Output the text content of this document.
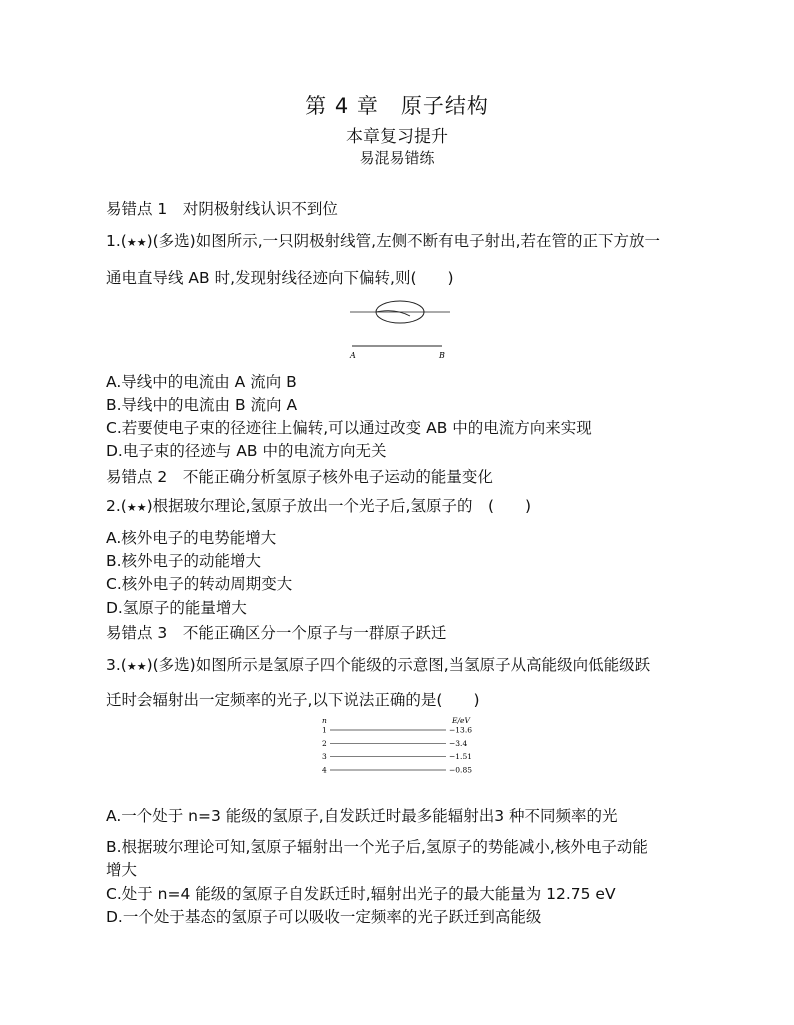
第 4 章　原子结构
本章复习提升
易混易错练
易错点 1　 对阴极射线认识不到位
1.(★★)(多选)如图所示,一只阴极射线管,左侧不断有电子射出,若在管的正下方放一
通电直导线 AB 时,发现射线径迹向下偏转,则(　　)
A	B
A.导线中的电流由 A 流向 B
B.导线中的电流由 B 流向 A
C.若要使电子束的径迹往上偏转,可以通过改变 AB 中的电流方向来实现
D.电子束的径迹与 AB 中的电流方向无关
易错点 2　 不能正确分析氢原子核外电子运动的能量变化
2.(★★)根据玻尔理论,氢原子放出一个光子后,氢原子的　(　　)
A.核外电子的电势能增大
B.核外电子的动能增大
C.核外电子的转动周期变大
D.氢原子的能量增大
易错点 3　 不能正确区分一个原子与一群原子跃迁
3.(★★)(多选)如图所示是氢原子四个能级的示意图,当氢原子从高能级向低能级跃
迁时会辐射出一定频率的光子,以下说法正确的是(　　)
n	E/eV
4	−0.85
3	−1.51
2	−3.4
1	−13.6
A.一个处于 n=3 能级的氢原子,自发跃迁时最多能辐射出3 种不同频率的光
B.根据玻尔理论可知,氢原子辐射出一个光子后,氢原子的势能减小,核外电子动能
增大
C.处于 n=4 能级的氢原子自发跃迁时,辐射出光子的最大能量为 12.75 eV
D.一个处于基态的氢原子可以吸收一定频率的光子跃迁到高能级
